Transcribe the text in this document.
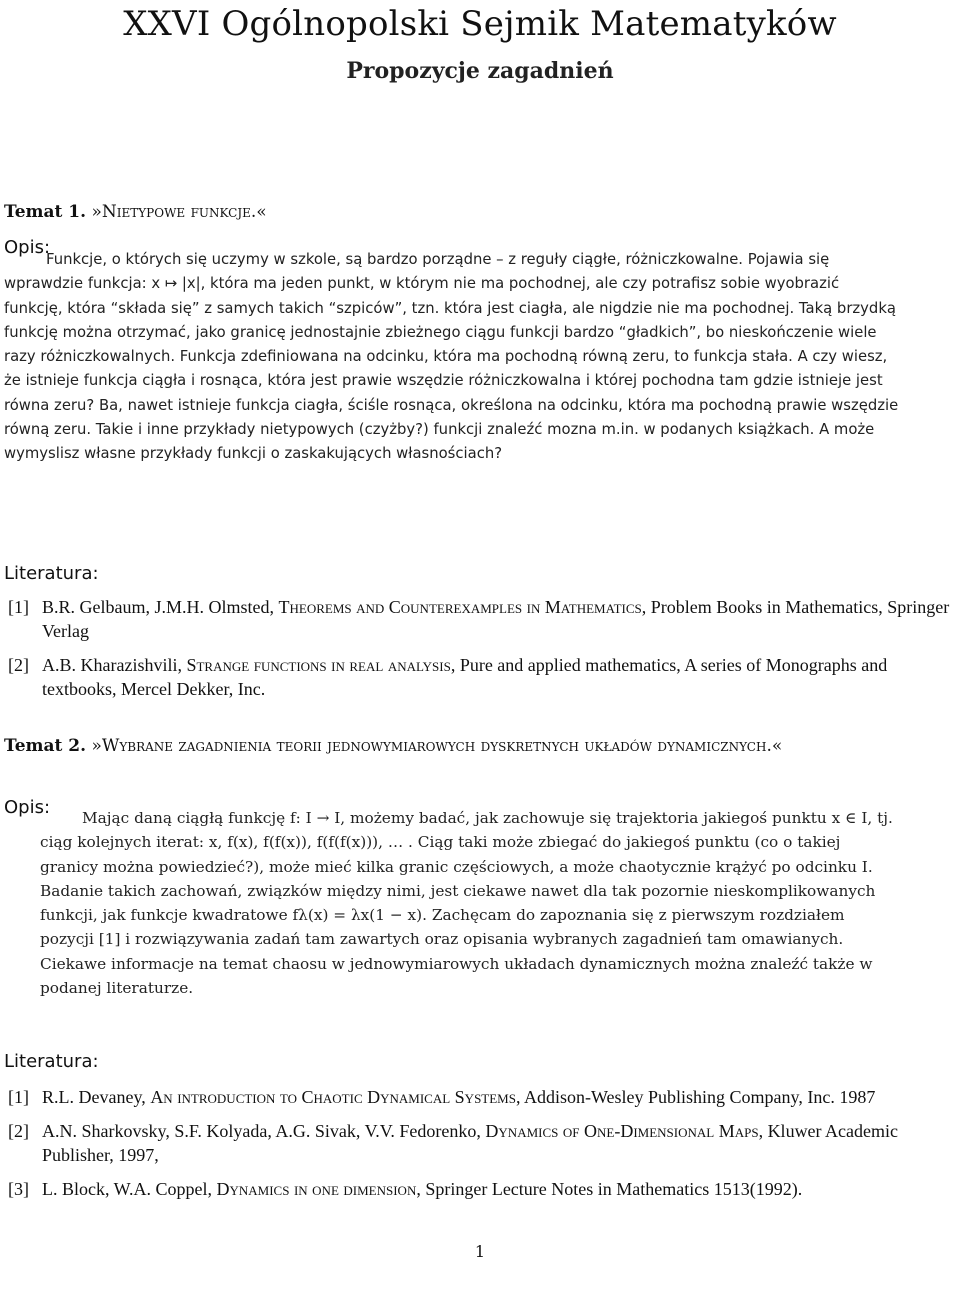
XXVI Ogólnopolski Sejmik Matematyków
Propozycje zagadnień
Temat 1. »Nietypowe funkcje.«
Opis:
Funkcje, o których się uczymy w szkole, są bardzo porządne – z reguły ciągłe, różniczkowalne. Pojawia się wprawdzie funkcja: x ↦ |x|, która ma jeden punkt, w którym nie ma pochodnej, ale czy potrafisz sobie wyobrazić funkcję, która “składa się” z samych takich “szpiców”, tzn. która jest ciagła, ale nigdzie nie ma pochodnej. Taką brzydką funkcję można otrzymać, jako granicę jednostajnie zbieżnego ciągu funkcji bardzo “gładkich”, bo nieskończenie wiele razy różniczkowalnych. Funkcja zdefiniowana na odcinku, która ma pochodną równą zeru, to funkcja stała. A czy wiesz, że istnieje funkcja ciągła i rosnąca, która jest prawie wszędzie różniczkowalna i której pochodna tam gdzie istnieje jest równa zeru? Ba, nawet istnieje funkcja ciagła, ściśle rosnąca, określona na odcinku, która ma pochodną prawie wszędzie równą zeru. Takie i inne przykłady nietypowych (czyżby?) funkcji znaleźć mozna m.in. w podanych książkach. A może wymyslisz własne przykłady funkcji o zaskakujących własnościach?
Literatura:
[1] B.R. Gelbaum, J.M.H. Olmsted, Theorems and Counterexamples in Mathematics, Problem Books in Mathematics, Springer Verlag
[2] A.B. Kharazishvili, Strange functions in real analysis, Pure and applied mathematics, A series of Monographs and textbooks, Mercel Dekker, Inc.
Temat 2. »Wybrane zagadnienia teorii jednowymiarowych dyskretnych układów dynamicznych.«
Opis:	Mając daną ciągłą funkcję f: I → I, możemy badać, jak zachowuje się trajektoria jakiegoś punktu x ∈ I, tj. ciąg kolejnych iterat: x, f(x), f(f(x)), f(f(f(x))), … . Ciąg taki może zbiegać do jakiegoś punktu (co o takiej granicy można powiedzieć?), może mieć kilka granic częściowych, a może chaotycznie krążyć po odcinku I. Badanie takich zachowań, związków między nimi, jest ciekawe nawet dla tak pozornie nieskomplikowanych funkcji, jak funkcje kwadratowe fλ(x) = λx(1 − x). Zachęcam do zapoznania się z pierwszym rozdziałem pozycji [1] i rozwiązywania zadań tam zawartych oraz opisania wybranych zagadnień tam omawianych. Ciekawe informacje na temat chaosu w jednowymiarowych układach dynamicznych można znaleźć także w podanej literaturze.
Literatura:
[1] R.L. Devaney, An introduction to Chaotic Dynamical Systems, Addison-Wesley Publishing Company, Inc. 1987
[2] A.N. Sharkovsky, S.F. Kolyada, A.G. Sivak, V.V. Fedorenko, Dynamics of One-Dimensional Maps, Kluwer Academic Publisher, 1997,
[3] L. Block, W.A. Coppel, Dynamics in one dimension, Springer Lecture Notes in Mathematics 1513(1992).
1
